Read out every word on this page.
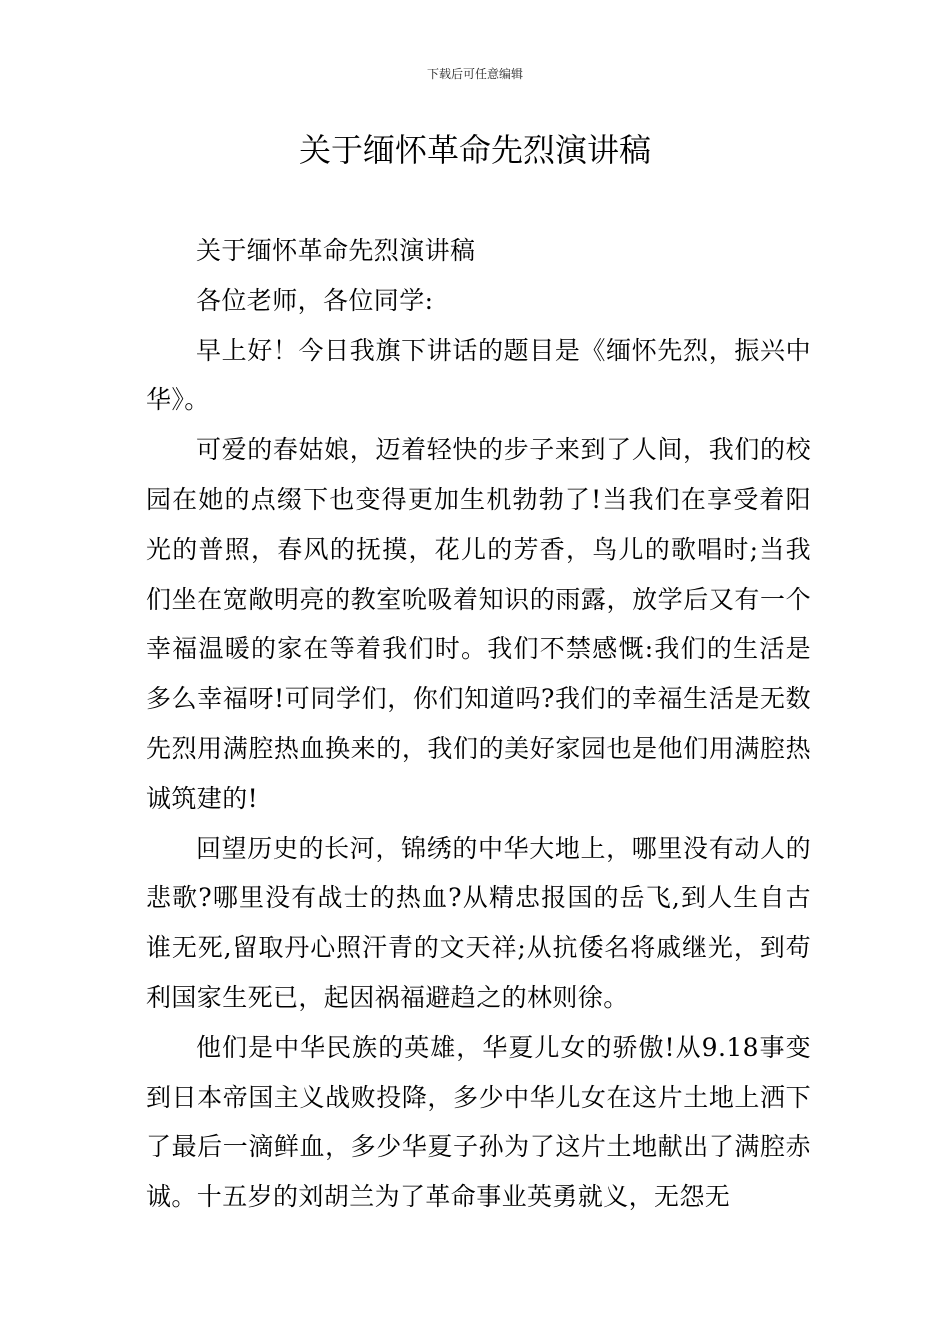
下载后可任意编辑
关于缅怀革命先烈演讲稿

关于缅怀革命先烈演讲稿

各位老师，各位同学:

早上好！今日我旗下讲话的题目是《缅怀先烈，振兴中华》。

可爱的春姑娘，迈着轻快的步子来到了人间，我们的校园在她的点缀下也变得更加生机勃勃了!当我们在享受着阳光的普照，春风的抚摸，花儿的芳香，鸟儿的歌唱时;当我们坐在宽敞明亮的教室吮吸着知识的雨露，放学后又有一个幸福温暖的家在等着我们时。我们不禁感慨:我们的生活是多么幸福呀!可同学们，你们知道吗?我们的幸福生活是无数先烈用满腔热血换来的，我们的美好家园也是他们用满腔热诚筑建的!

回望历史的长河，锦绣的中华大地上，哪里没有动人的悲歌?哪里没有战士的热血?从精忠报国的岳飞,到人生自古谁无死,留取丹心照汗青的文天祥;从抗倭名将戚继光，到苟利国家生死已，起因祸福避趋之的林则徐。

他们是中华民族的英雄，华夏儿女的骄傲!从9.18事变到日本帝国主义战败投降，多少中华儿女在这片土地上洒下了最后一滴鲜血，多少华夏子孙为了这片土地献出了满腔赤诚。十五岁的刘胡兰为了革命事业英勇就义，无怨无
